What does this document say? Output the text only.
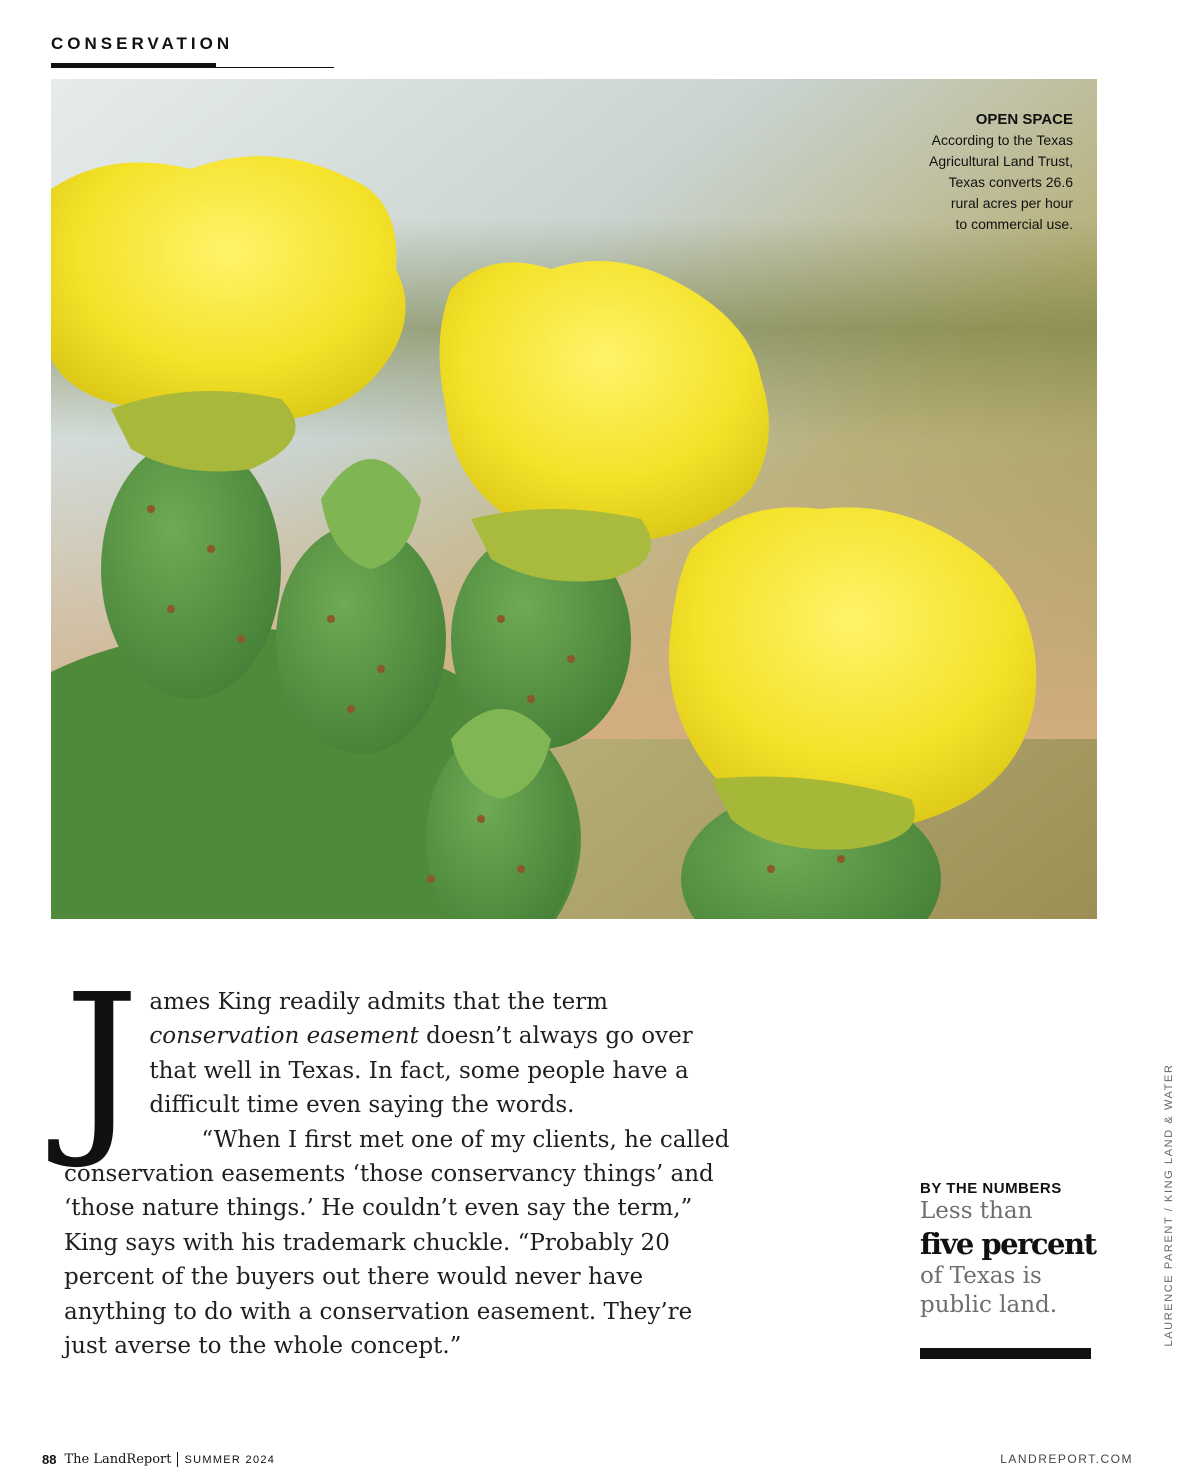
CONSERVATION
OPEN SPACE
According to the Texas
Agricultural Land Trust,
Texas converts 26.6
rural acres per hour
to commercial use.
J ames King readily admits that the term conservation easement doesn’t always go over that well in Texas. In fact, some people have a difficult time even saying the words.

“When I first met one of my clients, he called conservation easements ‘those conservancy things’ and ‘those nature things.’ He couldn’t even say the term,” King says with his trademark chuckle. “Probably 20 percent of the buyers out there would never have anything to do with a conservation easement. They’re just averse to the whole concept.”

BY THE NUMBERS
Less than
five percent
of Texas is public land.	LAURENCE PARENT / KING LAND & WATER
88 The LandReport SUMMER 2024	LANDREPORT.COM
